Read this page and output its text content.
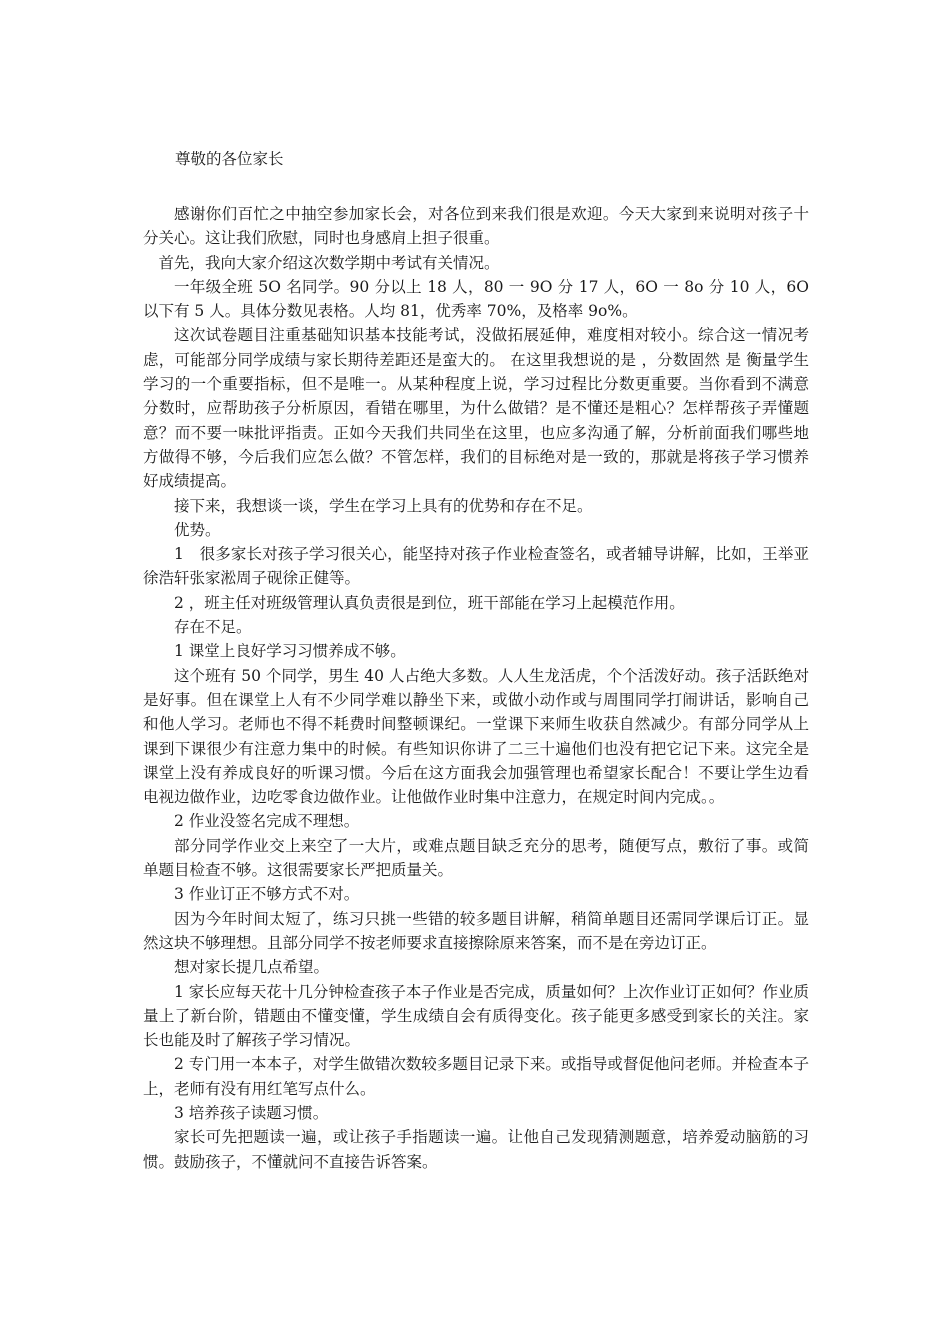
尊敬的各位家长

感谢你们百忙之中抽空参加家长会，对各位到来我们很是欢迎。今天大家到来说明对孩子十分关心。这让我们欣慰，同时也身感肩上担子很重。

首先，我向大家介绍这次数学期中考试有关情况。

一年级全班 5O 名同学。90 分以上 18 人，80 一 9O 分 17 人，6O 一 8o 分 10 人，6O 以下有 5 人。具体分数见表格。人均 81，优秀率 70%，及格率 9o%。

这次试卷题目注重基础知识基本技能考试，没做拓展延伸，难度相对较小。综合这一情况考虑，可能部分同学成绩与家长期待差距还是蛮大的。 在这里我想说的是 ，分数固然 是 衡量学生学习的一个重要指标，但不是唯一。从某种程度上说，学习过程比分数更重要。当你看到不满意分数时，应帮助孩子分析原因，看错在哪里，为什么做错？是不懂还是粗心？怎样帮孩子弄懂题意？而不要一味批评指责。正如今天我们共同坐在这里，也应多沟通了解，分析前面我们哪些地方做得不够，今后我们应怎么做？不管怎样，我们的目标绝对是一致的，那就是将孩子学习惯养好成绩提高。

接下来，我想谈一谈，学生在学习上具有的优势和存在不足。

优势。

1　很多家长对孩子学习很关心，能坚持对孩子作业检查签名，或者辅导讲解，比如，王举亚徐浩轩张家淞周子砚徐正健等。

2 ，班主任对班级管理认真负责很是到位，班干部能在学习上起模范作用。

存在不足。

1 课堂上良好学习习惯养成不够。

这个班有 50 个同学，男生 40 人占绝大多数。人人生龙活虎，个个活泼好动。孩子活跃绝对是好事。但在课堂上人有不少同学难以静坐下来，或做小动作或与周围同学打闹讲话，影响自己和他人学习。老师也不得不耗费时间整顿课纪。一堂课下来师生收获自然减少。有部分同学从上课到下课很少有注意力集中的时候。有些知识你讲了二三十遍他们也没有把它记下来。这完全是课堂上没有养成良好的听课习惯。今后在这方面我会加强管理也希望家长配合！不要让学生边看电视边做作业，边吃零食边做作业。让他做作业时集中注意力，在规定时间内完成。。

2 作业没签名完成不理想。

部分同学作业交上来空了一大片，或难点题目缺乏充分的思考，随便写点，敷衍了事。或简单题目检查不够。这很需要家长严把质量关。

3 作业订正不够方式不对。

因为今年时间太短了，练习只挑一些错的较多题目讲解，稍简单题目还需同学课后订正。显然这块不够理想。且部分同学不按老师要求直接擦除原来答案，而不是在旁边订正。

想对家长提几点希望。

1 家长应每天花十几分钟检查孩子本子作业是否完成，质量如何？上次作业订正如何？作业质量上了新台阶，错题由不懂变懂，学生成绩自会有质得变化。孩子能更多感受到家长的关注。家长也能及时了解孩子学习情况。

2 专门用一本本子，对学生做错次数较多题目记录下来。或指导或督促他问老师。并检查本子上，老师有没有用红笔写点什么。

3 培养孩子读题习惯。

家长可先把题读一遍，或让孩子手指题读一遍。让他自己发现猜测题意，培养爱动脑筋的习惯。鼓励孩子，不懂就问不直接告诉答案。
